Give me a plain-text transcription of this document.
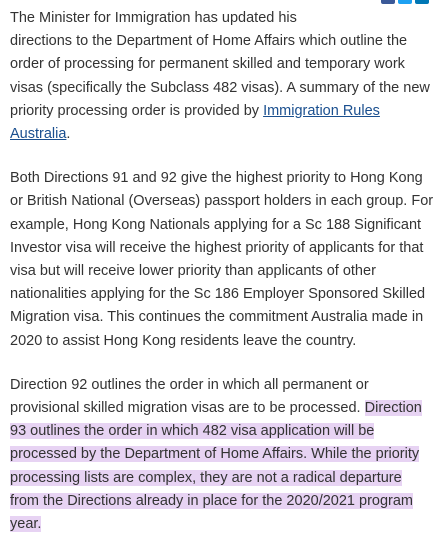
The Minister for Immigration has updated his
directions to the Department of Home Affairs which outline the order of processing for permanent skilled and temporary work visas (specifically the Subclass 482 visas). A summary of the new priority processing order is provided by Immigration Rules Australia.

Both Directions 91 and 92 give the highest priority to Hong Kong or British National (Overseas) passport holders in each group. For example, Hong Kong Nationals applying for a Sc 188 Significant Investor visa will receive the highest priority of applicants for that visa but will receive lower priority than applicants of other nationalities applying for the Sc 186 Employer Sponsored Skilled Migration visa. This continues the commitment Australia made in 2020 to assist Hong Kong residents leave the country.

Direction 92 outlines the order in which all permanent or provisional skilled migration visas are to be processed. Direction 93 outlines the order in which 482 visa application will be processed by the Department of Home Affairs. While the priority processing lists are complex, they are not a radical departure from the Directions already in place for the 2020/2021 program year.
